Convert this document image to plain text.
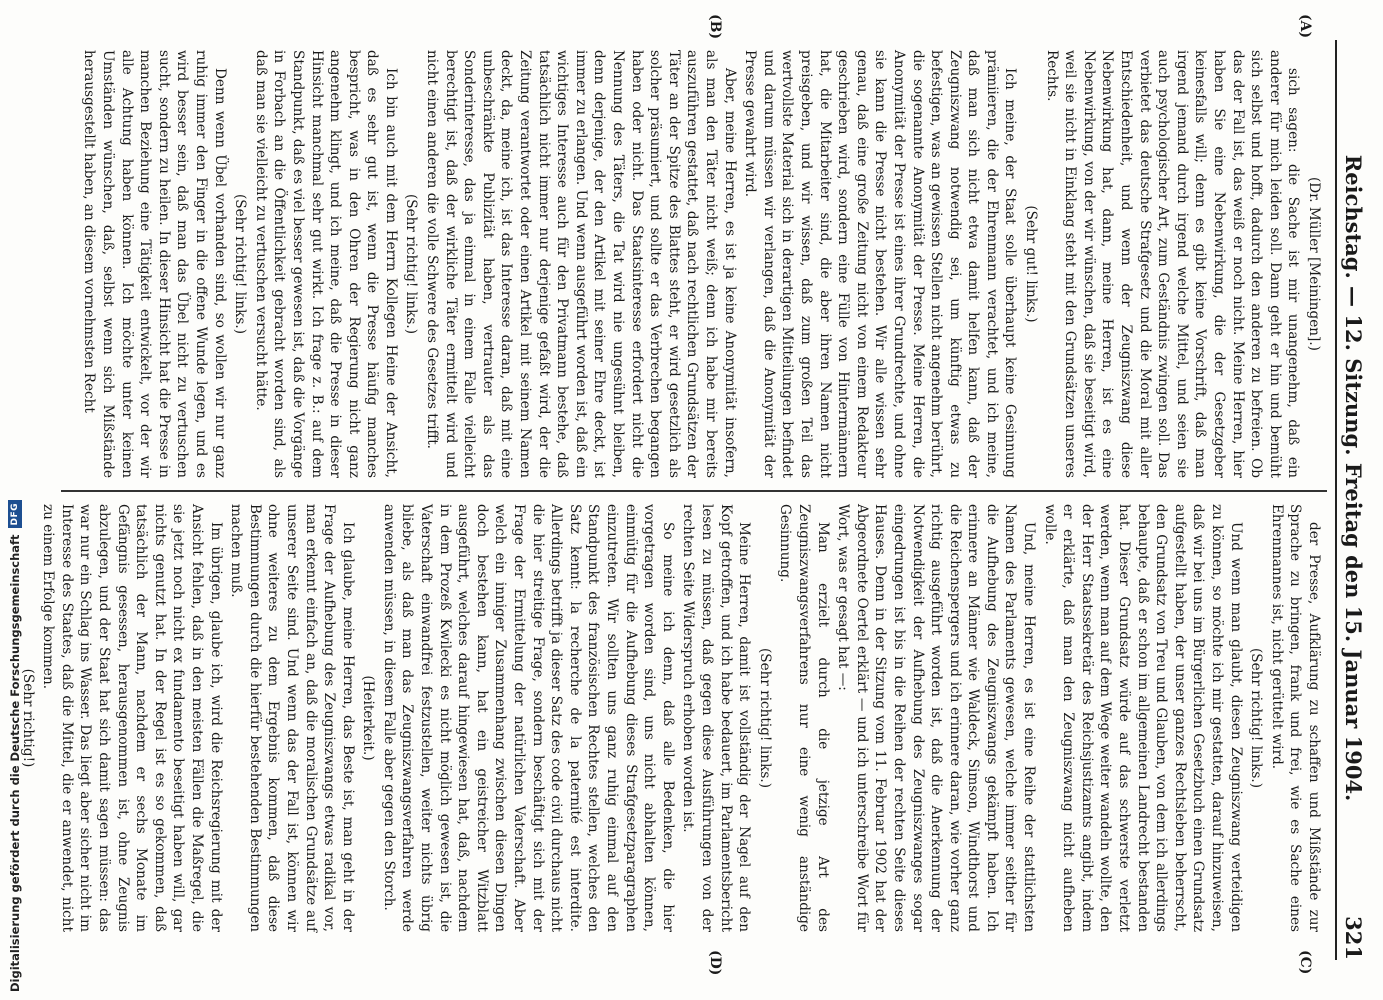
Reichstag. — 12. Sitzung. Freitag den 15. Januar 1904.
321
(A)
(B)
(C)
(D)

(Dr. Müller [Meiningen].)

sich sagen: die Sache ist mir unangenehm, daß ein anderer für mich leiden soll. Dann geht er hin und bemüht sich selbst und hofft, dadurch den anderen zu befreien. Ob das der Fall ist, das weiß er noch nicht. Meine Herren, hier haben Sie eine Nebenwirkung, die der Gesetzgeber keinesfalls will; denn es gibt keine Vorschrift, daß man irgend jemand durch irgend welche Mittel, und seien sie auch psychologischer Art, zum Geständnis zwingen soll. Das verbietet das deutsche Strafgesetz und die Moral mit aller Entschiedenheit, und wenn der Zeugniszwang diese Nebenwirkung hat, dann, meine Herren, ist es eine Nebenwirkung, von der wir wünschen, daß sie beseitigt wird, weil sie nicht in Einklang steht mit den Grundsätzen unseres Rechts.

(Sehr gut! links.)

Ich meine, der Staat solle überhaupt keine Gesinnung prämiieren, die der Ehrenmann verachtet, und ich meine, daß man sich nicht etwa damit helfen kann, daß der Zeugniszwang notwendig sei, um künftig etwas zu befestigen, was an gewissen Stellen nicht angenehm berührt, die sogenannte Anonymität der Presse. Meine Herren, die Anonymität der Presse ist eines ihrer Grundrechte, und ohne sie kann die Presse nicht bestehen. Wir alle wissen sehr genau, daß eine große Zeitung nicht von einem Redakteur geschrieben wird, sondern eine Fülle von Hintermännern hat, die Mitarbeiter sind, die aber ihren Namen nicht preisgeben, und wir wissen, daß zum großen Teil das wertvollste Material sich in derartigen Mitteilungen befindet und darum müssen wir verlangen, daß die Anonymität der Presse gewahrt wird.

Aber, meine Herren, es ist ja keine Anonymität insofern, als man den Täter nicht weiß; denn ich habe mir bereits auszuführen gestattet, daß nach rechtlichen Grundsätzen der Täter an der Spitze des Blattes steht, er wird gesetzlich als solcher präsumiert, und sollte er das Verbrechen begangen haben oder nicht. Das Staatsinteresse erfordert nicht die Nennung des Täters, die Tat wird nie ungesühnt bleiben, denn derjenige, der den Artikel mit seiner Ehre deckt, ist immer zu erlangen. Und wenn ausgeführt worden ist, daß ein wichtiges Interesse auch für den Privatmann bestehe, daß tatsächlich nicht immer nur derjenige gefaßt wird, der die Zeitung verantwortet oder einen Artikel mit seinem Namen deckt, da, meine ich, ist das Interesse daran, daß mit eine unbeschränkte Publizität haben, vertrauter als das Sonderinteresse, das ja einmal in einem Falle vielleicht berechtigt ist, daß der wirkliche Täter ermittelt wird und nicht einen anderen die volle Schwere des Gesetzes trifft.

(Sehr richtig! links.)

Ich bin auch mit dem Herrn Kollegen Heine der Ansicht, daß es sehr gut ist, wenn die Presse häufig manches bespricht, was in den Ohren der Regierung nicht ganz angenehm klingt, und ich meine, daß die Presse in dieser Hinsicht manchmal sehr gut wirkt. Ich frage z. B.: auf dem Standpunkt, daß es viel besser gewesen ist, daß die Vorgänge in Forbach an die Öffentlichkeit gebracht worden sind, als daß man sie vielleicht zu vertuschen versucht hätte.

(Sehr richtig! links.)

Denn wenn Übel vorhanden sind, so wollen wir nur ganz ruhig immer den Finger in die offene Wunde legen, und es wird besser sein, daß man das Übel nicht zu vertuschen sucht, sondern zu heilen. In dieser Hinsicht hat die Presse in manchen Beziehung eine Tätigkeit entwickelt, vor der wir alle Achtung haben können. Ich möchte unter keinen Umständen wünschen, daß, selbst wenn sich Mißstände herausgestellt haben, an diesem vornehmsten Recht

der Presse, Aufklärung zu schaffen und Mißstände zur Sprache zu bringen, frank und frei, wie es Sache eines Ehrenmannes ist, nicht gerüttelt wird.

(Sehr richtig! links.)

Und wenn man glaubt, diesen Zeugniszwang verteidigen zu können, so möchte ich mir gestatten, darauf hinzuweisen, daß wir bei uns im Bürgerlichen Gesetzbuch einen Grundsatz aufgestellt haben, der unser ganzes Rechtsleben beherrscht, den Grundsatz von Treu und Glauben, von dem ich allerdings behaupte, daß er schon im allgemeinen Landrecht bestanden hat. Dieser Grundsatz würde auf das schwerste verletzt werden, wenn man auf dem Wege weiter wandeln wollte, den der Herr Staatssekretär des Reichsjustizamts angibt, indem er erklärte, daß man den Zeugniszwang nicht aufheben wolle.

Und, meine Herren, es ist eine Reihe der stattlichsten Namen des Parlaments gewesen, welche immer seither für die Aufhebung des Zeugniszwangs gekämpft haben. Ich erinnere an Männer wie Waldeck, Simson, Windthorst und die Reichenspergers und ich erinnere daran, wie vorher ganz richtig ausgeführt worden ist, daß die Anerkennung der Notwendigkeit der Aufhebung des Zeugniszwanges sogar eingedrungen ist bis in die Reihen der rechten Seite dieses Hauses. Denn in der Sitzung vom 11. Februar 1902 hat der Abgeordnete Oertel erklärt — und ich unterschreibe Wort für Wort, was er gesagt hat —:

Man erzielt durch die jetzige Art des Zeugniszwangsverfahrens nur eine wenig anständige Gesinnung.

(Sehr richtig! links.)

Meine Herren, damit ist vollständig der Nagel auf den Kopf getroffen, und ich habe bedauert, im Parlamentsbericht lesen zu müssen, daß gegen diese Ausführungen von der rechten Seite Widerspruch erhoben worden ist.

So meine ich denn, daß alle Bedenken, die hier vorgetragen worden sind, uns nicht abhalten können, einmütig für die Aufhebung dieses Strafgesetzparagraphen einzutreten. Wir sollten uns ganz ruhig einmal auf den Standpunkt des französischen Rechtes stellen, welches den Satz kennt: la recherche de la paternité est interdite. Allerdings betrifft ja dieser Satz des code civil durchaus nicht die hier streitige Frage, sondern beschäftigt sich mit der Frage der Ermittelung der natürlichen Vaterschaft. Aber welch ein inniger Zusammenhang zwischen diesen Dingen doch bestehen kann, hat ein geistreicher Witzblatt ausgeführt, welches darauf hingewiesen hat, daß, nachdem in dem Prozeß Kwilecki es nicht möglich gewesen ist, die Vaterschaft einwandfrei festzustellen, weiter nichts übrig bliebe, als daß man das Zeugniszwangsverfahren werde anwenden müssen, in diesem Falle aber gegen den Storch.

(Heiterkeit.)

Ich glaube, meine Herren, das Beste ist, man geht in der Frage der Aufhebung des Zeugniszwangs etwas radikal vor, man erkennt einfach an, daß die moralischen Grundsätze auf unserer Seite sind. Und wenn das der Fall ist, können wir ohne weiteres zu dem Ergebnis kommen, daß diese Bestimmungen durch die hierfür bestehenden Bestimmungen machen muß.

Im übrigen, glaube ich, wird die Reichsregierung mit der Ansicht fehlen, daß in den meisten Fällen die Maßregel, die sie jetzt noch nicht ex fundamento beseitigt haben will, gar nichts genutzt hat. In der Regel ist es so gekommen, daß tatsächlich der Mann, nachdem er sechs Monate im Gefängnis gesessen, herausgenommen ist, ohne Zeugnis abzulegen, und der Staat hat sich damit sagen müssen: das war nur ein Schlag ins Wasser. Das liegt aber sicher nicht im Interesse des Staates, daß die Mittel, die er anwendet, nicht zu einem Erfolge kommen.

(Sehr richtig!)

Digitalisierung gefördert durch die Deutsche Forschungsgemeinschaft
DFG
